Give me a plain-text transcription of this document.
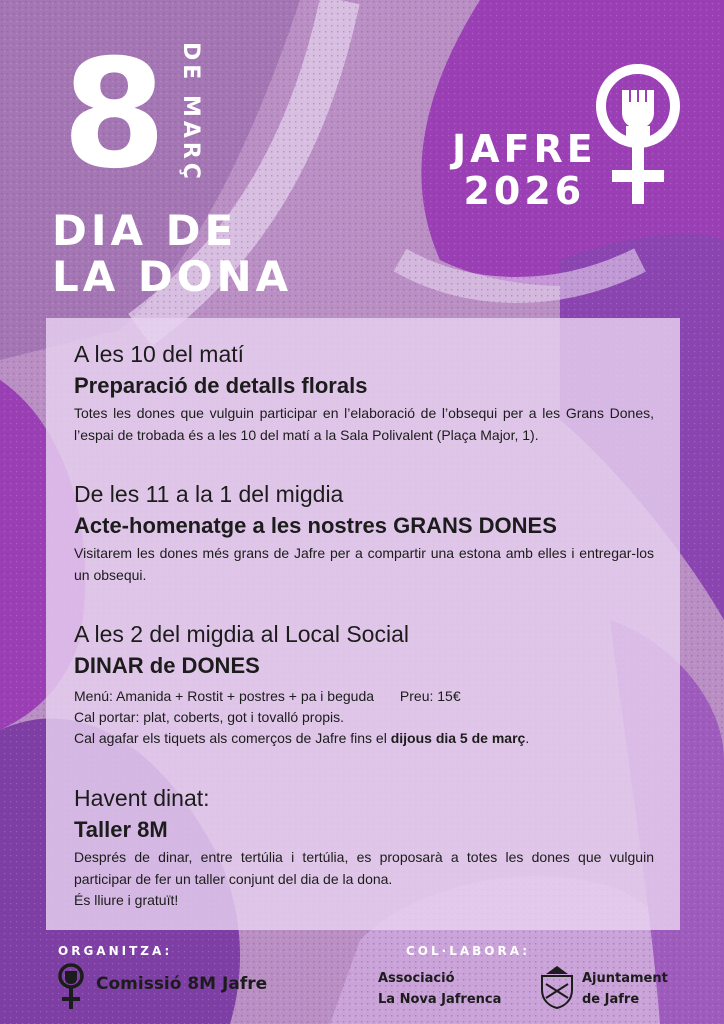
8 DE MARÇ
DIA DE
LA DONA
JAFRE
2026
A les 10 del matí
Preparació de detalls florals
Totes les dones que vulguin participar en l’elaboració de l’obsequi per a les Grans Dones, l’espai de trobada és a les 10 del matí a la Sala Polivalent (Plaça Major, 1).
De les 11 a la 1 del migdia
Acte-homenatge a les nostres GRANS DONES
Visitarem les dones més grans de Jafre per a compartir una estona amb elles i entregar-los un obsequi.
A les 2 del migdia al Local Social
DINAR de DONES
Menú: Amanida + Rostit + postres + pa i beguda Preu: 15€
Cal portar: plat, coberts, got i tovalló propis.
Cal agafar els tiquets als comerços de Jafre fins el dijous dia 5 de març.
Havent dinat:
Taller 8M
Després de dinar, entre tertúlia i tertúlia, es proposarà a totes les dones que vulguin participar de fer un taller conjunt del dia de la dona.
És lliure i gratuït!
ORGANITZA:
Comissió 8M Jafre
COL·LABORA:
Associació
La Nova Jafrenca
Ajuntament
de Jafre
